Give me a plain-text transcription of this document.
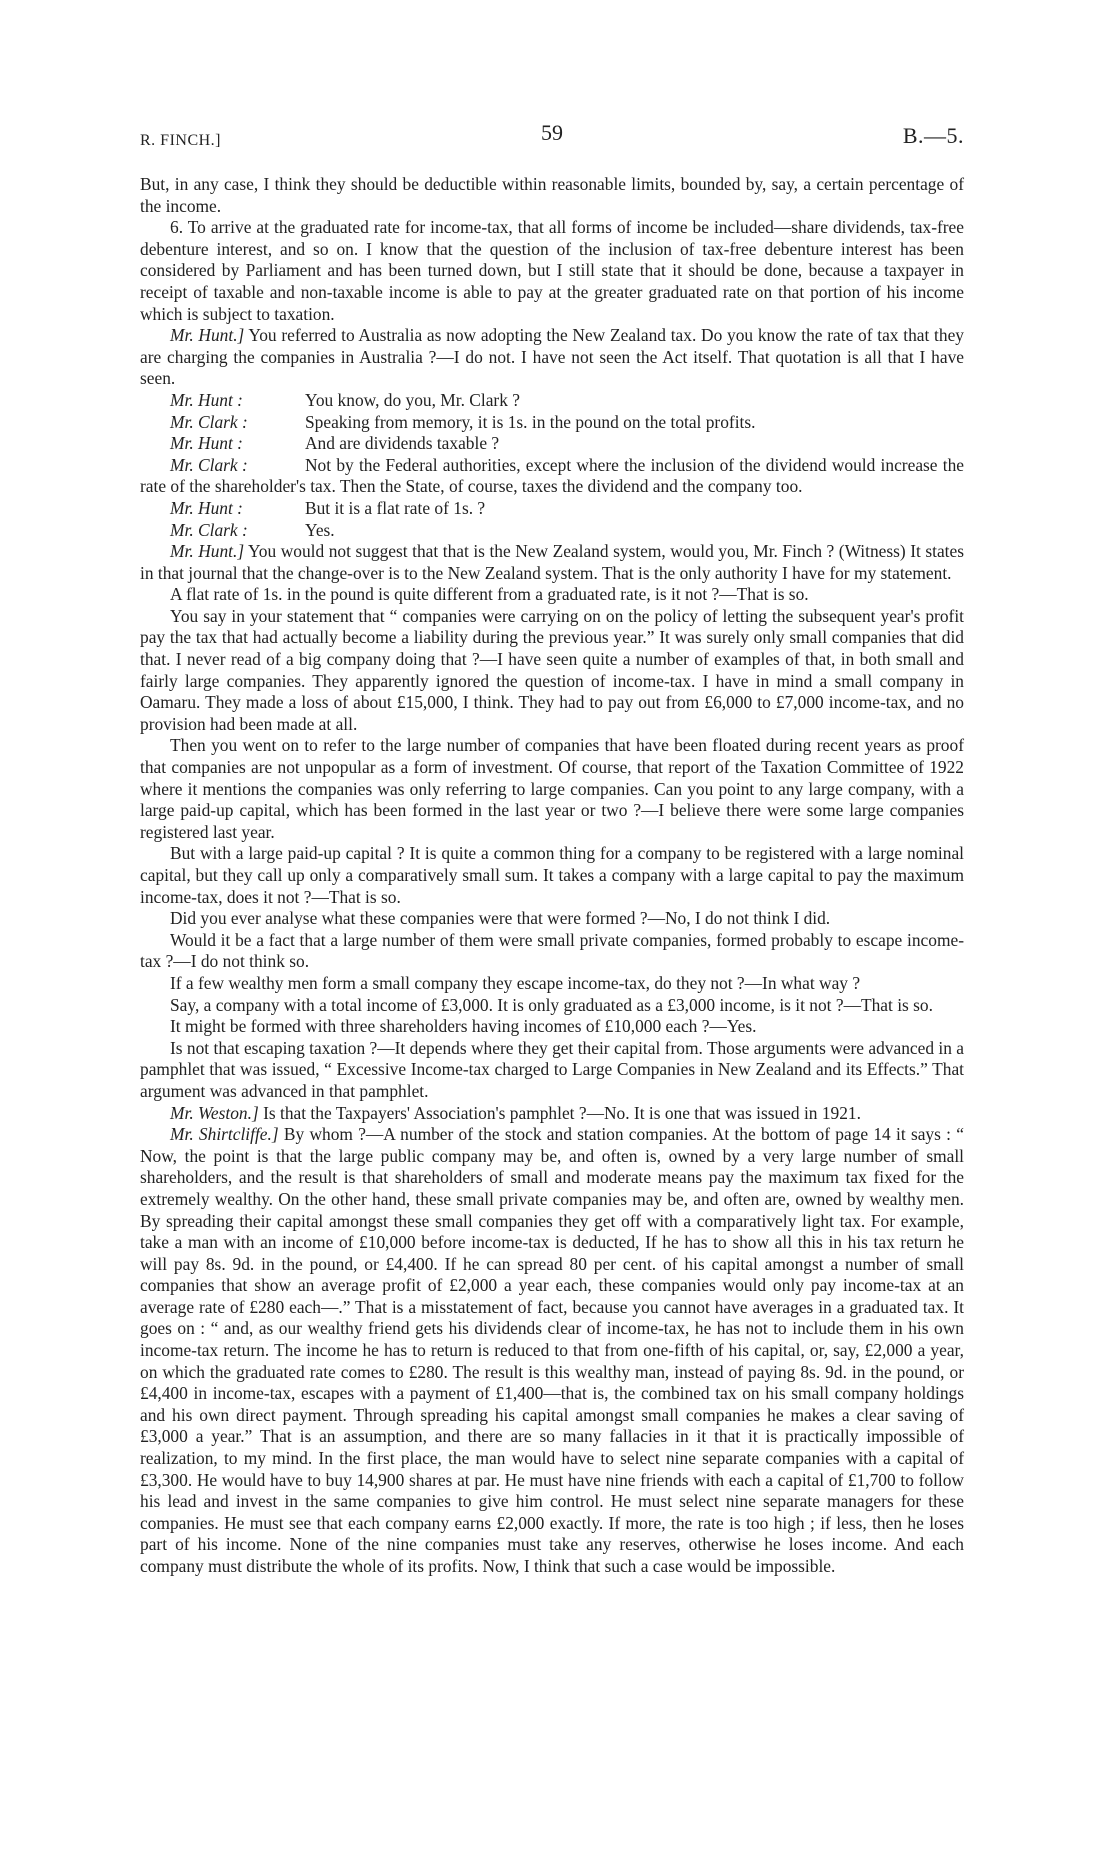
R. FINCH.]	59	B.—5.

But, in any case, I think they should be deductible within reasonable limits, bounded by, say, a certain percentage of the income.

6. To arrive at the graduated rate for income-tax, that all forms of income be included—share dividends, tax-free debenture interest, and so on. I know that the question of the inclusion of tax-free debenture interest has been considered by Parliament and has been turned down, but I still state that it should be done, because a taxpayer in receipt of taxable and non-taxable income is able to pay at the greater graduated rate on that portion of his income which is subject to taxation.

Mr. Hunt.] You referred to Australia as now adopting the New Zealand tax. Do you know the rate of tax that they are charging the companies in Australia ?—I do not. I have not seen the Act itself. That quotation is all that I have seen.

Mr. Hunt :	You know, do you, Mr. Clark ?

Mr. Clark :	Speaking from memory, it is 1s. in the pound on the total profits.

Mr. Hunt :	And are dividends taxable ?

Mr. Clark :	Not by the Federal authorities, except where the inclusion of the dividend would increase the rate of the shareholder's tax. Then the State, of course, taxes the dividend and the company too.

Mr. Hunt :	But it is a flat rate of 1s. ?

Mr. Clark :	Yes.

Mr. Hunt.] You would not suggest that that is the New Zealand system, would you, Mr. Finch ? (Witness) It states in that journal that the change-over is to the New Zealand system. That is the only authority I have for my statement.

A flat rate of 1s. in the pound is quite different from a graduated rate, is it not ?—That is so.

You say in your statement that “ companies were carrying on on the policy of letting the subsequent year's profit pay the tax that had actually become a liability during the previous year.” It was surely only small companies that did that. I never read of a big company doing that ?—I have seen quite a number of examples of that, in both small and fairly large companies. They apparently ignored the question of income-tax. I have in mind a small company in Oamaru. They made a loss of about £15,000, I think. They had to pay out from £6,000 to £7,000 income-tax, and no provision had been made at all.

Then you went on to refer to the large number of companies that have been floated during recent years as proof that companies are not unpopular as a form of investment. Of course, that report of the Taxation Committee of 1922 where it mentions the companies was only referring to large companies. Can you point to any large company, with a large paid-up capital, which has been formed in the last year or two ?—I believe there were some large companies registered last year.

But with a large paid-up capital ? It is quite a common thing for a company to be registered with a large nominal capital, but they call up only a comparatively small sum. It takes a company with a large capital to pay the maximum income-tax, does it not ?—That is so.

Did you ever analyse what these companies were that were formed ?—No, I do not think I did.

Would it be a fact that a large number of them were small private companies, formed probably to escape income-tax ?—I do not think so.

If a few wealthy men form a small company they escape income-tax, do they not ?—In what way ?

Say, a company with a total income of £3,000. It is only graduated as a £3,000 income, is it not ?—That is so.

It might be formed with three shareholders having incomes of £10,000 each ?—Yes.

Is not that escaping taxation ?—It depends where they get their capital from. Those arguments were advanced in a pamphlet that was issued, “ Excessive Income-tax charged to Large Companies in New Zealand and its Effects.” That argument was advanced in that pamphlet.

Mr. Weston.] Is that the Taxpayers' Association's pamphlet ?—No. It is one that was issued in 1921.

Mr. Shirtcliffe.] By whom ?—A number of the stock and station companies. At the bottom of page 14 it says : “ Now, the point is that the large public company may be, and often is, owned by a very large number of small shareholders, and the result is that shareholders of small and moderate means pay the maximum tax fixed for the extremely wealthy. On the other hand, these small private companies may be, and often are, owned by wealthy men. By spreading their capital amongst these small companies they get off with a comparatively light tax. For example, take a man with an income of £10,000 before income-tax is deducted, If he has to show all this in his tax return he will pay 8s. 9d. in the pound, or £4,400. If he can spread 80 per cent. of his capital amongst a number of small companies that show an average profit of £2,000 a year each, these companies would only pay income-tax at an average rate of £280 each—.” That is a misstatement of fact, because you cannot have averages in a graduated tax. It goes on : “ and, as our wealthy friend gets his dividends clear of income-tax, he has not to include them in his own income-tax return. The income he has to return is reduced to that from one-fifth of his capital, or, say, £2,000 a year, on which the graduated rate comes to £280. The result is this wealthy man, instead of paying 8s. 9d. in the pound, or £4,400 in income-tax, escapes with a payment of £1,400—that is, the combined tax on his small company holdings and his own direct payment. Through spreading his capital amongst small companies he makes a clear saving of £3,000 a year.” That is an assumption, and there are so many fallacies in it that it is practically impossible of realization, to my mind. In the first place, the man would have to select nine separate companies with a capital of £3,300. He would have to buy 14,900 shares at par. He must have nine friends with each a capital of £1,700 to follow his lead and invest in the same companies to give him control. He must select nine separate managers for these companies. He must see that each company earns £2,000 exactly. If more, the rate is too high ; if less, then he loses part of his income. None of the nine companies must take any reserves, otherwise he loses income. And each company must distribute the whole of its profits. Now, I think that such a case would be impossible.
